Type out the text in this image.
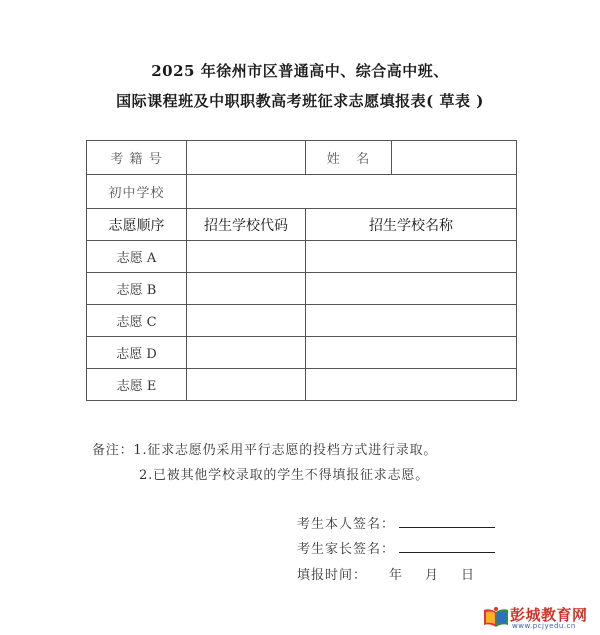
2025 年徐州市区普通高中、综合高中班、
国际课程班及中职职教高考班征求志愿填报表( 草表 )
考 籍 号		姓   名	
初中学校			
志愿顺序	招生学校代码	招生学校名称	
志愿 A			
志愿 B			
志愿 C			
志愿 D			
志愿 E			
备注：1.征求志愿仍采用平行志愿的投档方式进行录取。
2.已被其他学校录取的学生不得填报征求志愿。
考生本人签名：
考生家长签名：
填报时间： 年 月 日
彭城教育网
www.pcjyedu.cn
